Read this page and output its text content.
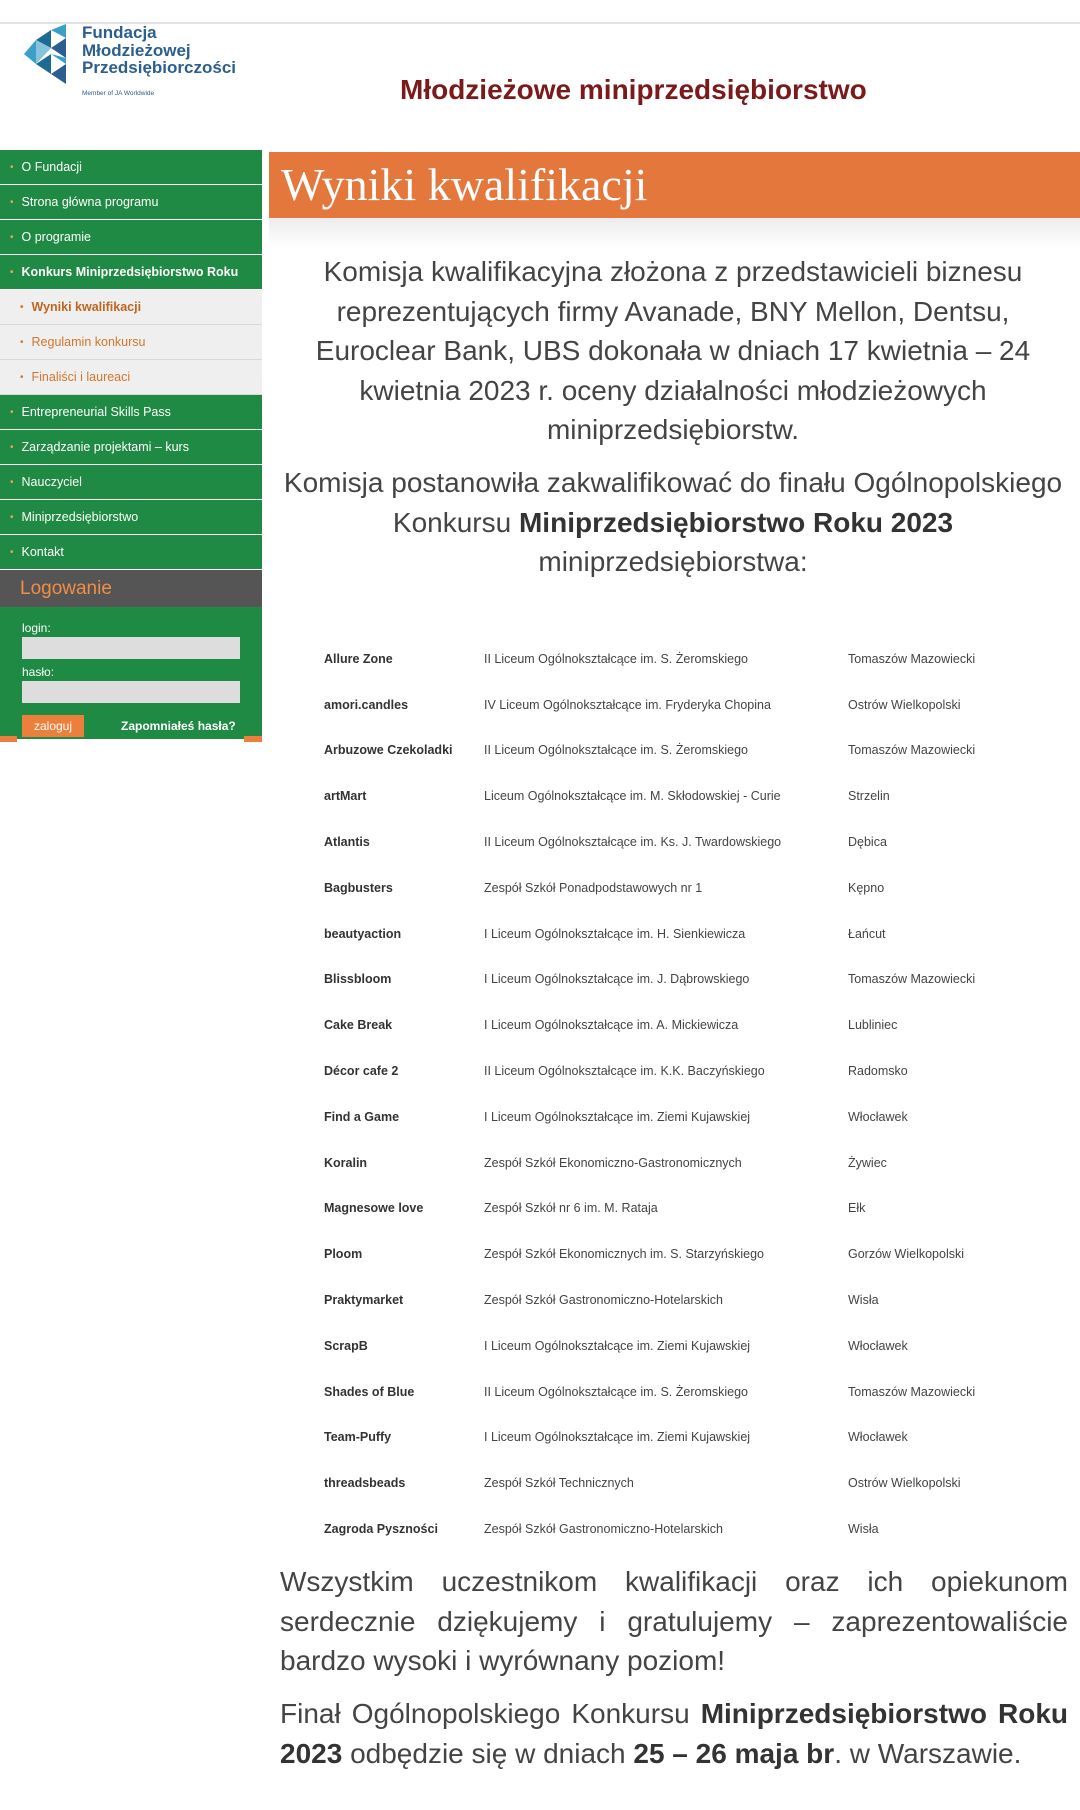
Fundacja
Młodzieżowej
Przedsiębiorczości
Member of JA Worldwide	Młodzieżowe miniprzedsiębiorstwo
• O Fundacji
• Strona główna programu
• O programie
• Konkurs Miniprzedsiębiorstwo Roku
• Wyniki kwalifikacji
• Regulamin konkursu
• Finaliści i laureaci
• Entrepreneurial Skills Pass
• Zarządzanie projektami – kurs
• Nauczyciel
• Miniprzedsiębiorstwo
• Kontakt
Logowanie
login:
hasło:
zaloguj	Zapomniałeś hasła?
Wyniki kwalifikacji
Komisja kwalifikacyjna złożona z przedstawicieli biznesu reprezentujących firmy Avanade, BNY Mellon, Dentsu, Euroclear Bank, UBS dokonała w dniach 17 kwietnia – 24 kwietnia 2023 r. oceny działalności młodzieżowych miniprzedsiębiorstw.
Komisja postanowiła zakwalifikować do finału Ogólnopolskiego Konkursu Miniprzedsiębiorstwo Roku 2023 miniprzedsiębiorstwa:
Allure Zone	II Liceum Ogólnokształcące im. S. Żeromskiego	Tomaszów Mazowiecki
amori.candles	IV Liceum Ogólnokształcące im. Fryderyka Chopina	Ostrów Wielkopolski
Arbuzowe Czekoladki	II Liceum Ogólnokształcące im. S. Żeromskiego	Tomaszów Mazowiecki
artMart	Liceum Ogólnokształcące im. M. Skłodowskiej - Curie	Strzelin
Atlantis	II Liceum Ogólnokształcące im. Ks. J. Twardowskiego	Dębica
Bagbusters	Zespół Szkół Ponadpodstawowych nr 1	Kępno
beautyaction	I Liceum Ogólnokształcące im. H. Sienkiewicza	Łańcut
Blissbloom	I Liceum Ogólnokształcące im. J. Dąbrowskiego	Tomaszów Mazowiecki
Cake Break	I Liceum Ogólnokształcące im. A. Mickiewicza	Lubliniec
Décor cafe 2	II Liceum Ogólnokształcące im. K.K. Baczyńskiego	Radomsko
Find a Game	I Liceum Ogólnokształcące im. Ziemi Kujawskiej	Włocławek
Koralin	Zespół Szkół Ekonomiczno-Gastronomicznych	Żywiec
Magnesowe love	Zespół Szkół nr 6 im. M. Rataja	Ełk
Ploom	Zespół Szkół Ekonomicznych im. S. Starzyńskiego	Gorzów Wielkopolski
Praktymarket	Zespół Szkół Gastronomiczno-Hotelarskich	Wisła
ScrapB	I Liceum Ogólnokształcące im. Ziemi Kujawskiej	Włocławek
Shades of Blue	II Liceum Ogólnokształcące im. S. Żeromskiego	Tomaszów Mazowiecki
Team-Puffy	I Liceum Ogólnokształcące im. Ziemi Kujawskiej	Włocławek
threadsbeads	Zespół Szkół Technicznych	Ostrów Wielkopolski
Zagroda Pyszności	Zespół Szkół Gastronomiczno-Hotelarskich	Wisła
Wszystkim uczestnikom kwalifikacji oraz ich opiekunom serdecznie dziękujemy i gratulujemy – zaprezentowaliście bardzo wysoki i wyrównany poziom!
Finał Ogólnopolskiego Konkursu Miniprzedsiębiorstwo Roku 2023 odbędzie się w dniach 25 – 26 maja br. w Warszawie.
